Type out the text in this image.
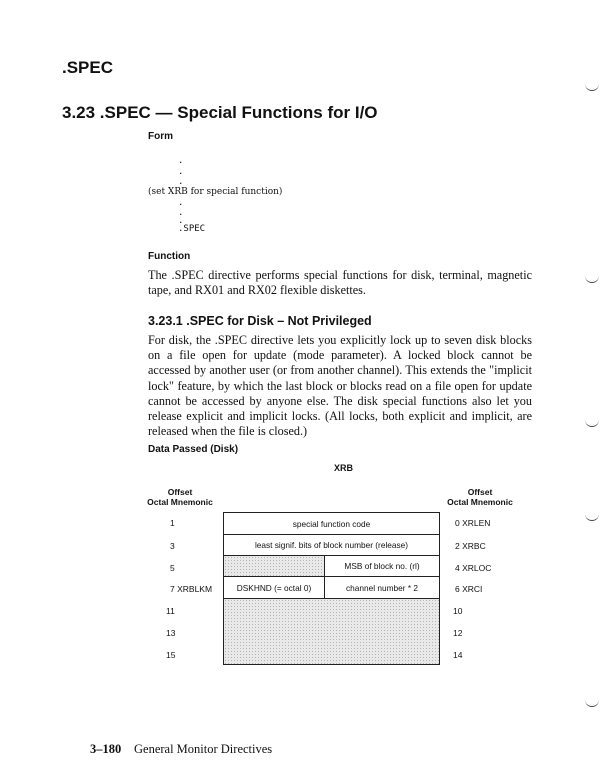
.SPEC
3.23 .SPEC — Special Functions for I/O
Form
.
.
.
(set XRB for special function)
.
.
.
.SPEC
Function
The .SPEC directive performs special functions for disk, terminal, magnetic tape, and RX01 and RX02 flexible diskettes.
3.23.1 .SPEC for Disk – Not Privileged
For disk, the .SPEC directive lets you explicitly lock up to seven disk blocks on a file open for update (mode parameter). A locked block cannot be accessed by another user (or from another channel). This extends the "implicit lock" feature, by which the last block or blocks read on a file open for update cannot be accessed by anyone else. The disk special functions also let you release explicit and implicit locks. (All locks, both explicit and implicit, are released when the file is closed.)
Data Passed (Disk)
XRB
Offset
Octal Mnemonic
Offset
Octal Mnemonic
1
3
5
7 XRBLKM
11
13
15
0 XRLEN
2 XRBC
4 XRLOC
6 XRCI
10
12
14
special function code
least signif. bits of block number (release)
MSB of block no. (rl)
DSKHND (= octal 0)	channel number * 2
3–180 General Monitor Directives
